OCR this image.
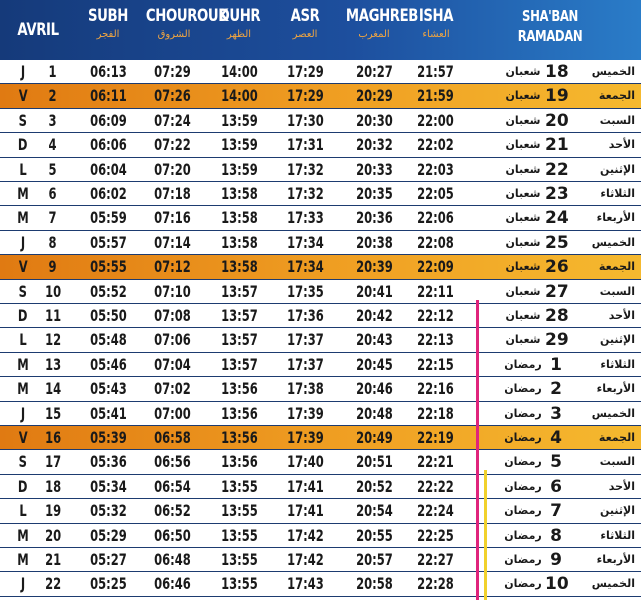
AVRIL
SUBH
الفجر
CHOUROUK
الشروق
DUHR
الظهر
ASR
العصر
MAGHREB
المغرب
ISHA
العشاء
SHA'BAN
RAMADAN
J	1	06:13	07:29	14:00	17:29	20:27	21:57	شعبان 18 الخميس
V	2	06:11	07:26	14:00	17:29	20:29	21:59	شعبان 19	الجمعة
S	3	06:09	07:24	13:59	17:30	20:30	22:00	شعبان 20	السبت
D	4	06:06	07:22	13:59	17:31	20:32	22:02	شعبان 21	الأحد
L	5	06:04	07:20	13:59	17:32	20:33	22:03	شعبان 22	الإثنين
M	6	06:02	07:18	13:58	17:32	20:35	22:05	شعبان 23	الثلاثاء
M	7	05:59	07:16	13:58	17:33	20:36	22:06	شعبان 24	الأربعاء
J	8	05:57	07:14	13:58	17:34	20:38	22:08	شعبان 25 الخميس
V	9	05:55	07:12	13:58	17:34	20:39	22:09	شعبان 26	الجمعة
S	10	05:52	07:10	13:57	17:35	20:41	22:11	شعبان 27	السبت
D	11	05:50	07:08	13:57	17:36	20:42	22:12	شعبان 28	الأحد
L	12	05:48	07:06	13:57	17:37	20:43	22:13	شعبان 29	الإثنين
M	13	05:46	07:04	13:57	17:37	20:45	22:15	رمضان 1	الثلاثاء
M	14	05:43	07:02	13:56	17:38	20:46	22:16	رمضان 2	الأربعاء
J	15	05:41	07:00	13:56	17:39	20:48	22:18	رمضان 3	الخميس
V	16	05:39	06:58	13:56	17:39	20:49	22:19	رمضان 4	الجمعة
S	17	05:36	06:56	13:56	17:40	20:51	22:21	رمضان 5	السبت
D	18	05:34	06:54	13:55	17:41	20:52	22:22	رمضان 6	الأحد
L	19	05:32	06:52	13:55	17:41	20:54	22:24	رمضان 7	الإثنين
M	20	05:29	06:50	13:55	17:42	20:55	22:25	رمضان 8	الثلاثاء
M	21	05:27	06:48	13:55	17:42	20:57	22:27	رمضان 9	الأربعاء
J	22	05:25	06:46	13:55	17:43	20:58	22:28	رمضان 10 الخميس
